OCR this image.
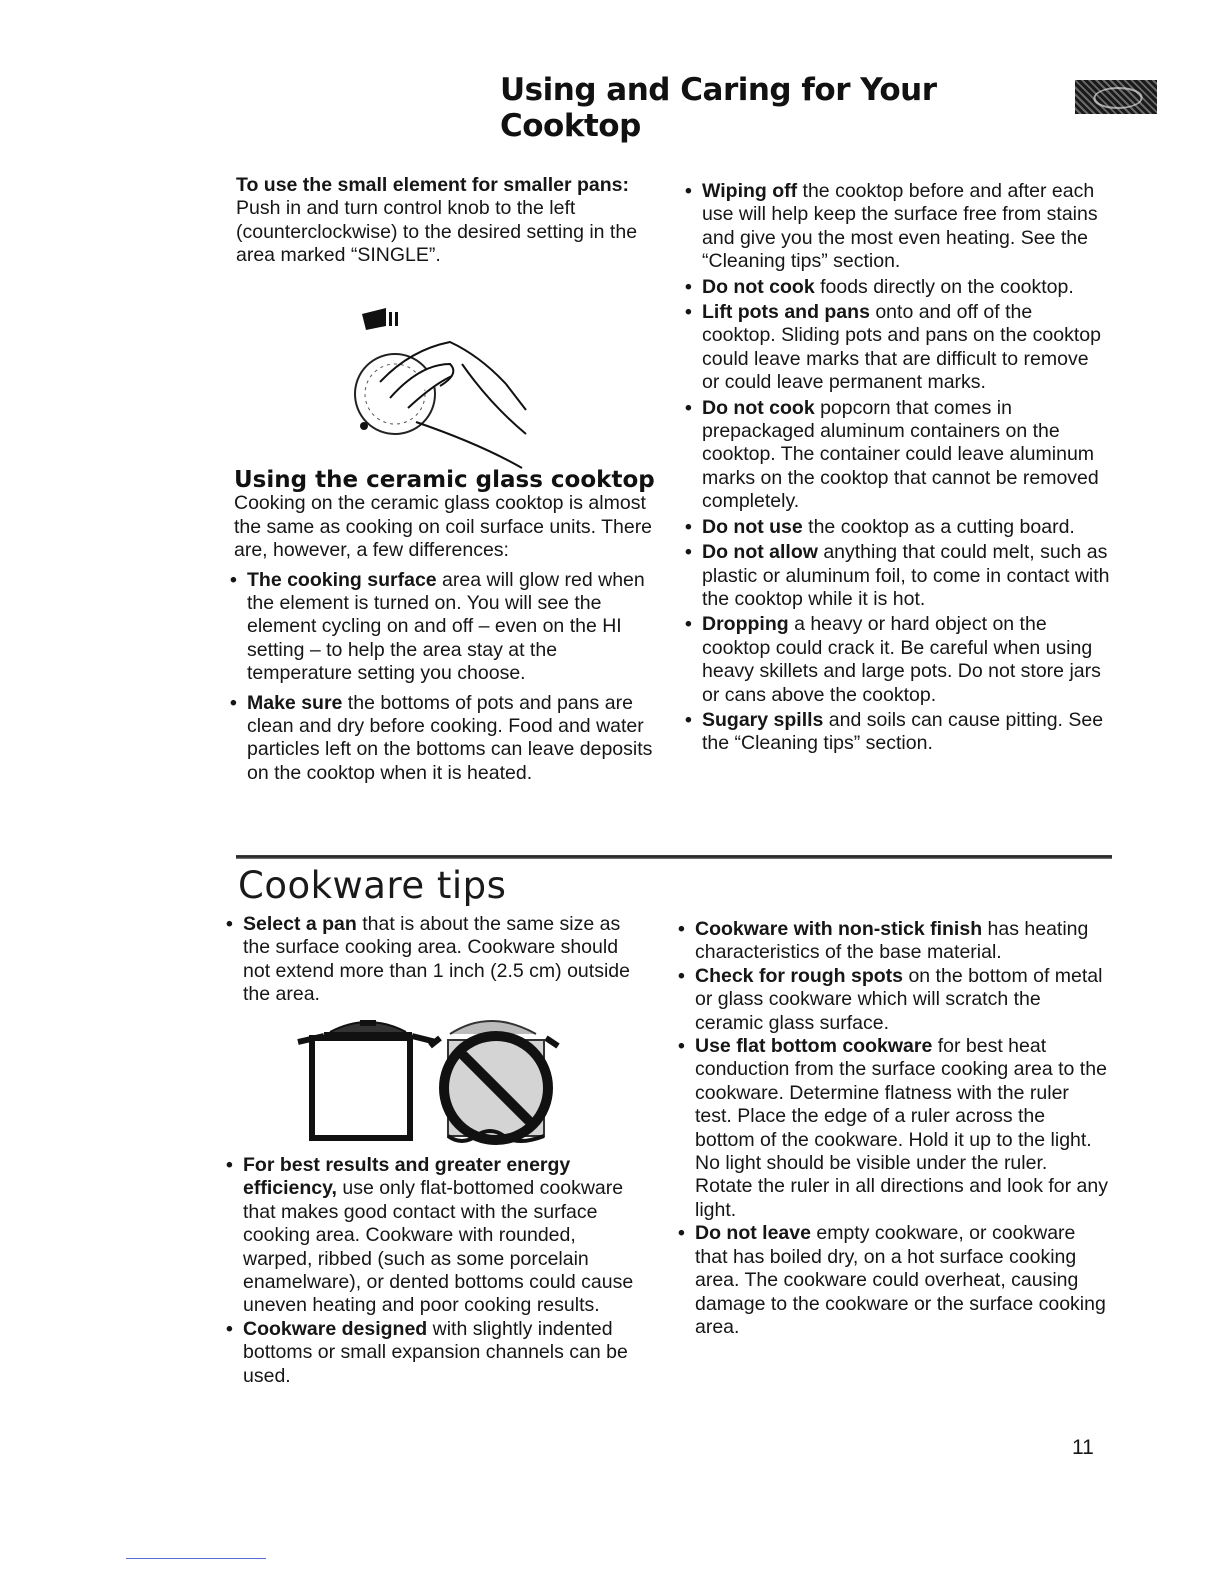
Using and Caring for Your Cooktop

To use the small element for smaller pans:

Push in and turn control knob to the left (counterclockwise) to the desired setting in the area marked “SINGLE”.

Using the ceramic glass cooktop

Cooking on the ceramic glass cooktop is almost the same as cooking on coil surface units. There are, however, a few differences:

• The cooking surface area will glow red when the element is turned on. You will see the element cycling on and off – even on the HI setting – to help the area stay at the temperature setting you choose.
• Make sure the bottoms of pots and pans are clean and dry before cooking. Food and water particles left on the bottoms can leave deposits on the cooktop when it is heated.
• Wiping off the cooktop before and after each use will help keep the surface free from stains and give you the most even heating. See the “Cleaning tips” section.
• Do not cook foods directly on the cooktop.
• Lift pots and pans onto and off of the cooktop. Sliding pots and pans on the cooktop could leave marks that are difficult to remove or could leave permanent marks.
• Do not cook popcorn that comes in prepackaged aluminum containers on the cooktop. The container could leave aluminum marks on the cooktop that cannot be removed completely.
• Do not use the cooktop as a cutting board.
• Do not allow anything that could melt, such as plastic or aluminum foil, to come in contact with the cooktop while it is hot.
• Dropping a heavy or hard object on the cooktop could crack it. Be careful when using heavy skillets and large pots. Do not store jars or cans above the cooktop.
• Sugary spills and soils can cause pitting. See the “Cleaning tips” section.
Cookware tips
• Select a pan that is about the same size as the surface cooking area. Cookware should not extend more than 1 inch (2.5 cm) outside the area.
• For best results and greater energy efficiency, use only flat-bottomed cookware that makes good contact with the surface cooking area. Cookware with rounded, warped, ribbed (such as some porcelain enamelware), or dented bottoms could cause uneven heating and poor cooking results.
• Cookware designed with slightly indented bottoms or small expansion channels can be used.
• Cookware with non-stick finish has heating characteristics of the base material.
• Check for rough spots on the bottom of metal or glass cookware which will scratch the ceramic glass surface.
• Use flat bottom cookware for best heat conduction from the surface cooking area to the cookware. Determine flatness with the ruler test. Place the edge of a ruler across the bottom of the cookware. Hold it up to the light. No light should be visible under the ruler. Rotate the ruler in all directions and look for any light.
• Do not leave empty cookware, or cookware that has boiled dry, on a hot surface cooking area. The cookware could overheat, causing damage to the cookware or the surface cooking area.
11
